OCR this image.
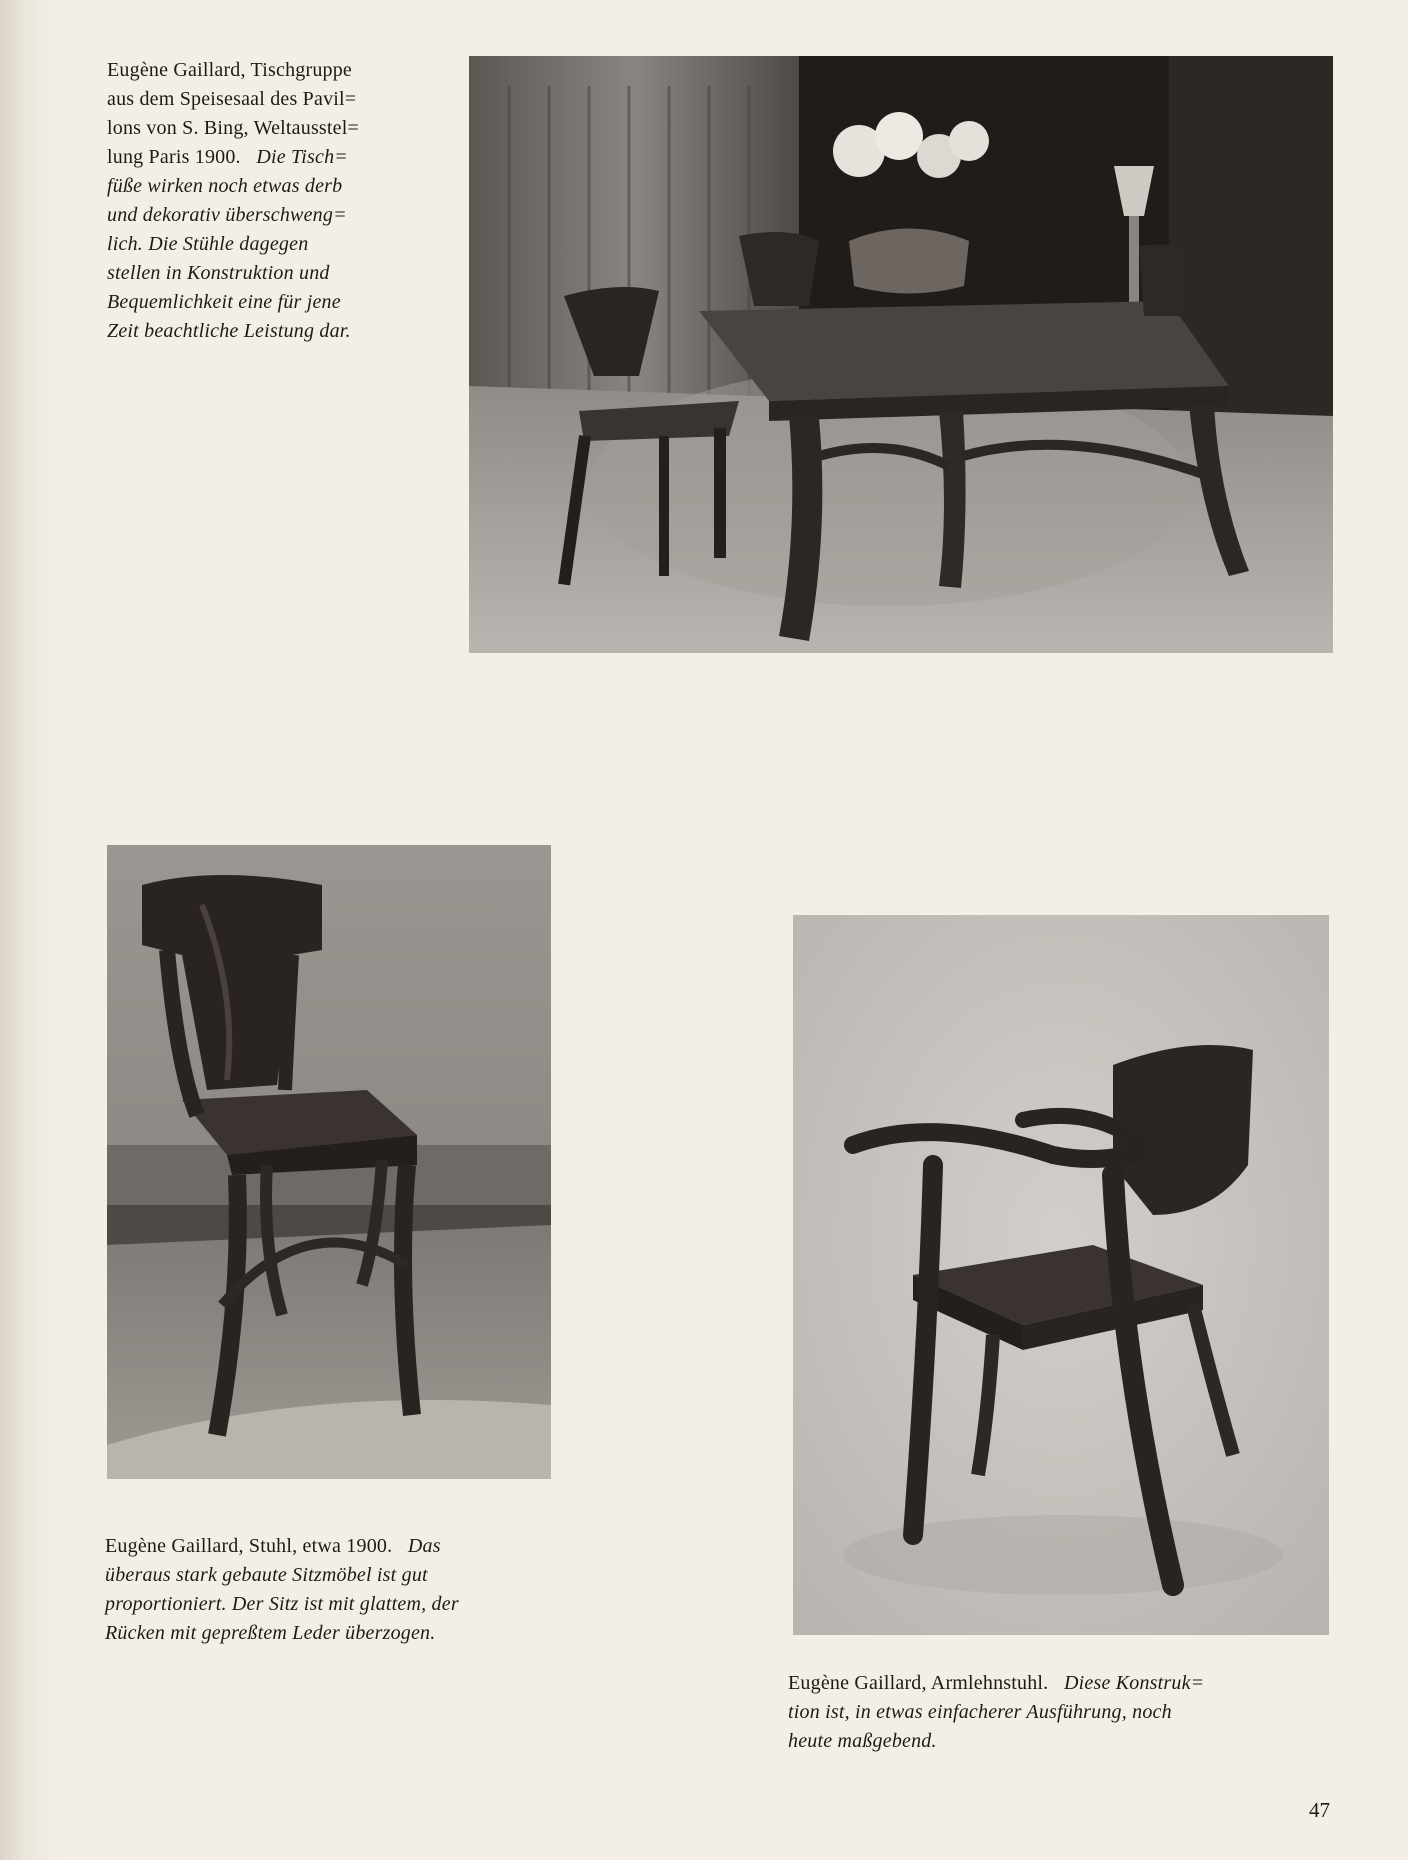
Eugène Gaillard, Tischgruppe
aus dem Speisesaal des Pavil=
lons von S. Bing, Weltausstel=
lung Paris 1900. Die Tisch=
füße wirken noch etwas derb
und dekorativ überschweng=
lich. Die Stühle dagegen
stellen in Konstruktion und
Bequemlichkeit eine für jene
Zeit beachtliche Leistung dar.
Eugène Gaillard, Stuhl, etwa 1900. Das
überaus stark gebaute Sitzmöbel ist gut
proportioniert. Der Sitz ist mit glattem, der
Rücken mit gepreßtem Leder überzogen.
Eugène Gaillard, Armlehnstuhl. Diese Konstruk=
tion ist, in etwas einfacherer Ausführung, noch
heute maßgebend.
47
